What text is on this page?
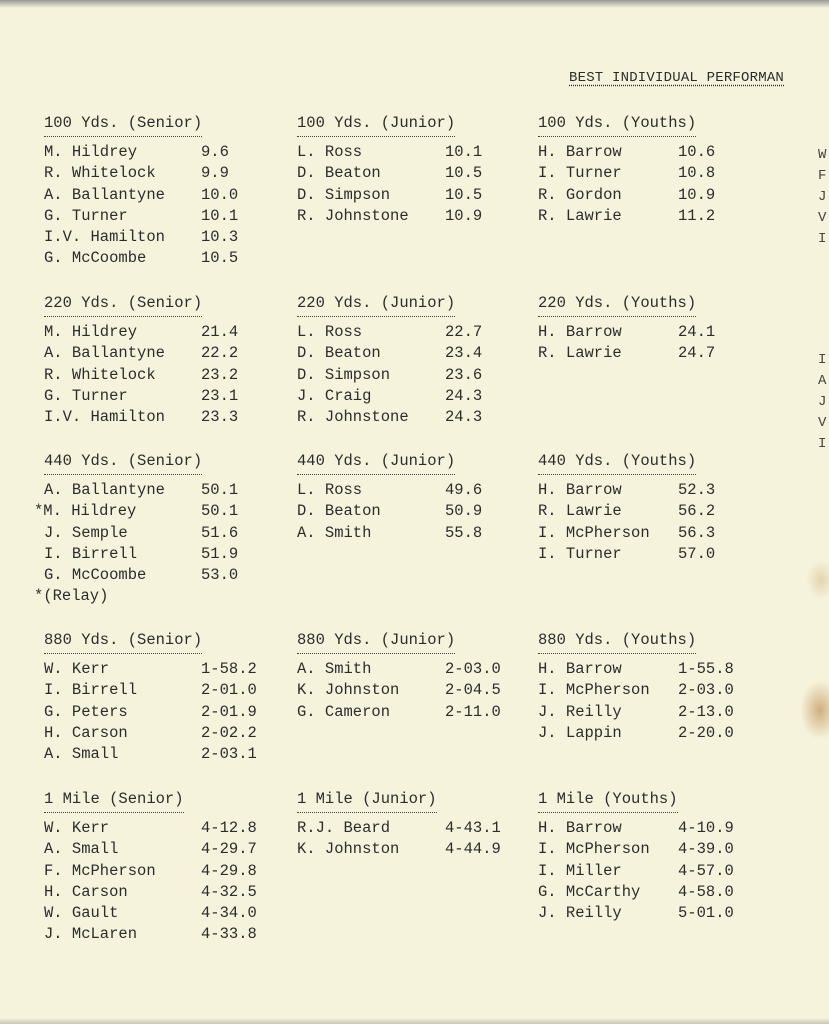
BEST INDIVIDUAL PERFORMAN
100 Yds. (Senior)
M. Hildrey	9.6
R. Whitelock	9.9
A. Ballantyne 10.0
G. Turner	10.1
I.V. Hamilton 10.3
G. McCoombe	10.5
100 Yds. (Junior)
L. Ross	10.1
D. Beaton	10.5
D. Simpson	10.5
R. Johnstone 10.9
100 Yds. (Youths)
H. Barrow	10.6
I. Turner	10.8
R. Gordon	10.9
R. Lawrie	11.2
220 Yds. (Senior)
M. Hildrey	21.4
A. Ballantyne 22.2
R. Whitelock	23.2
G. Turner	23.1
I.V. Hamilton 23.3
220 Yds. (Junior)
L. Ross	22.7
D. Beaton	23.4
D. Simpson	23.6
J. Craig	24.3
R. Johnstone 24.3
220 Yds. (Youths)
H. Barrow	24.1
R. Lawrie	24.7
440 Yds. (Senior)
A. Ballantyne 50.1
*M. Hildrey	50.1
J. Semple	51.6
I. Birrell	51.9
G. McCoombe	53.0
*(Relay)
440 Yds. (Junior)
L. Ross	49.6
D. Beaton	50.9
A. Smith	55.8
440 Yds. (Youths)
H. Barrow	52.3
R. Lawrie	56.2
I. McPherson 56.3
I. Turner	57.0
880 Yds. (Senior)
W. Kerr	1-58.2
I. Birrell	2-01.0
G. Peters	2-01.9
H. Carson	2-02.2
A. Small	2-03.1
880 Yds. (Junior)
A. Smith	2-03.0
K. Johnston	2-04.5
G. Cameron	2-11.0
880 Yds. (Youths)
H. Barrow	1-55.8
I. McPherson 2-03.0
J. Reilly	2-13.0
J. Lappin	2-20.0
1 Mile (Senior)
W. Kerr	4-12.8
A. Small	4-29.7
F. McPherson	4-29.8
H. Carson	4-32.5
W. Gault	4-34.0
J. McLaren	4-33.8
1 Mile (Junior)
R.J. Beard	4-43.1
K. Johnston	4-44.9
1 Mile (Youths)
H. Barrow	4-10.9
I. McPherson 4-39.0
I. Miller	4-57.0
G. McCarthy 4-58.0
J. Reilly	5-01.0
W
F
J
V
I
I
A
J
V
I
